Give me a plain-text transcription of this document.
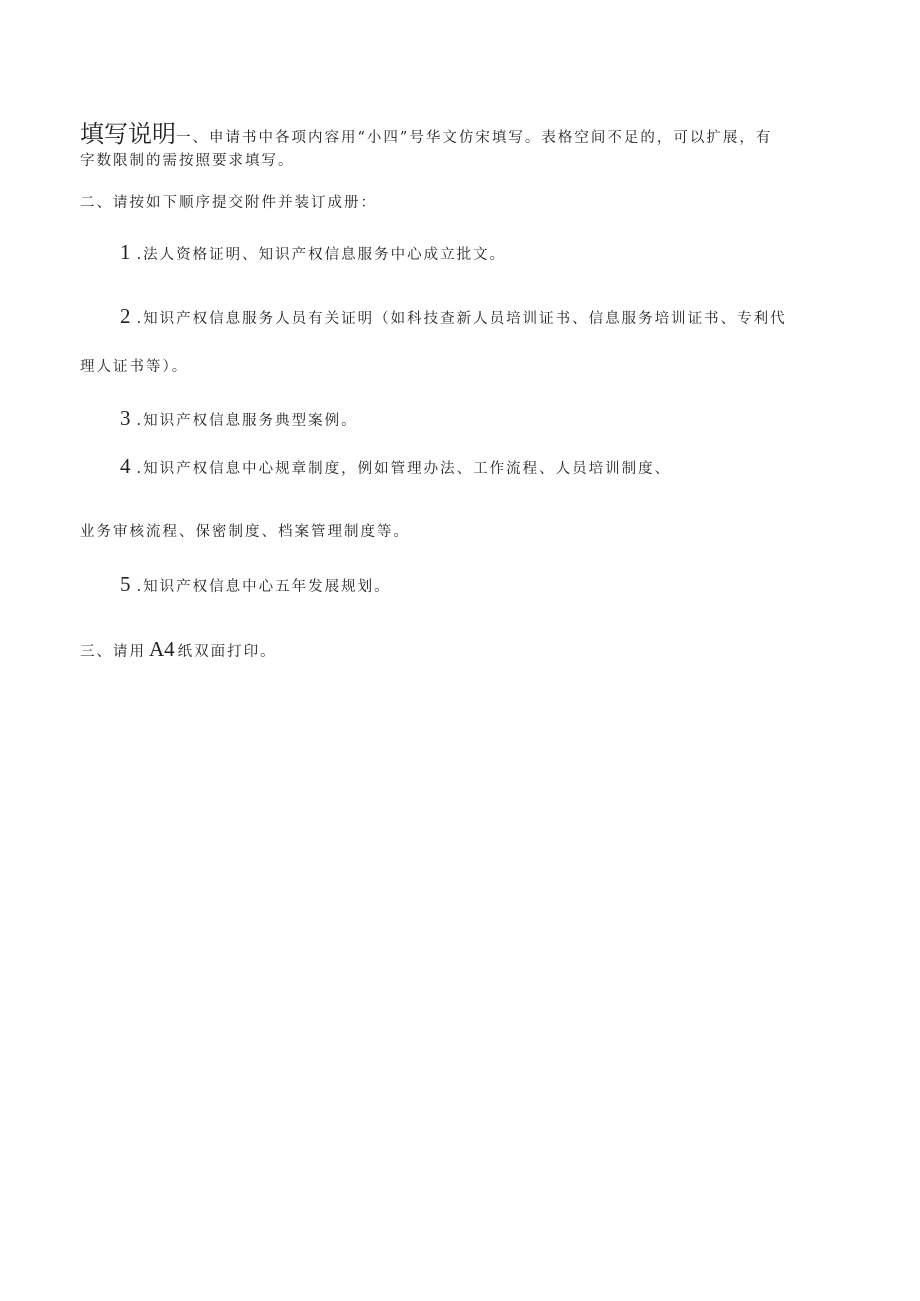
填写说明一、申请书中各项内容用“小四”号华文仿宋填写。表格空间不足的，可以扩展，有
字数限制的需按照要求填写。
二、请按如下顺序提交附件并装订成册：
1 .法人资格证明、知识产权信息服务中心成立批文。
2 .知识产权信息服务人员有关证明（如科技查新人员培训证书、信息服务培训证书、专利代
理人证书等）。
3 .知识产权信息服务典型案例。
4 .知识产权信息中心规章制度，例如管理办法、工作流程、人员培训制度、
业务审核流程、保密制度、档案管理制度等。
5 .知识产权信息中心五年发展规划。
三、请用 A4 纸双面打印。
